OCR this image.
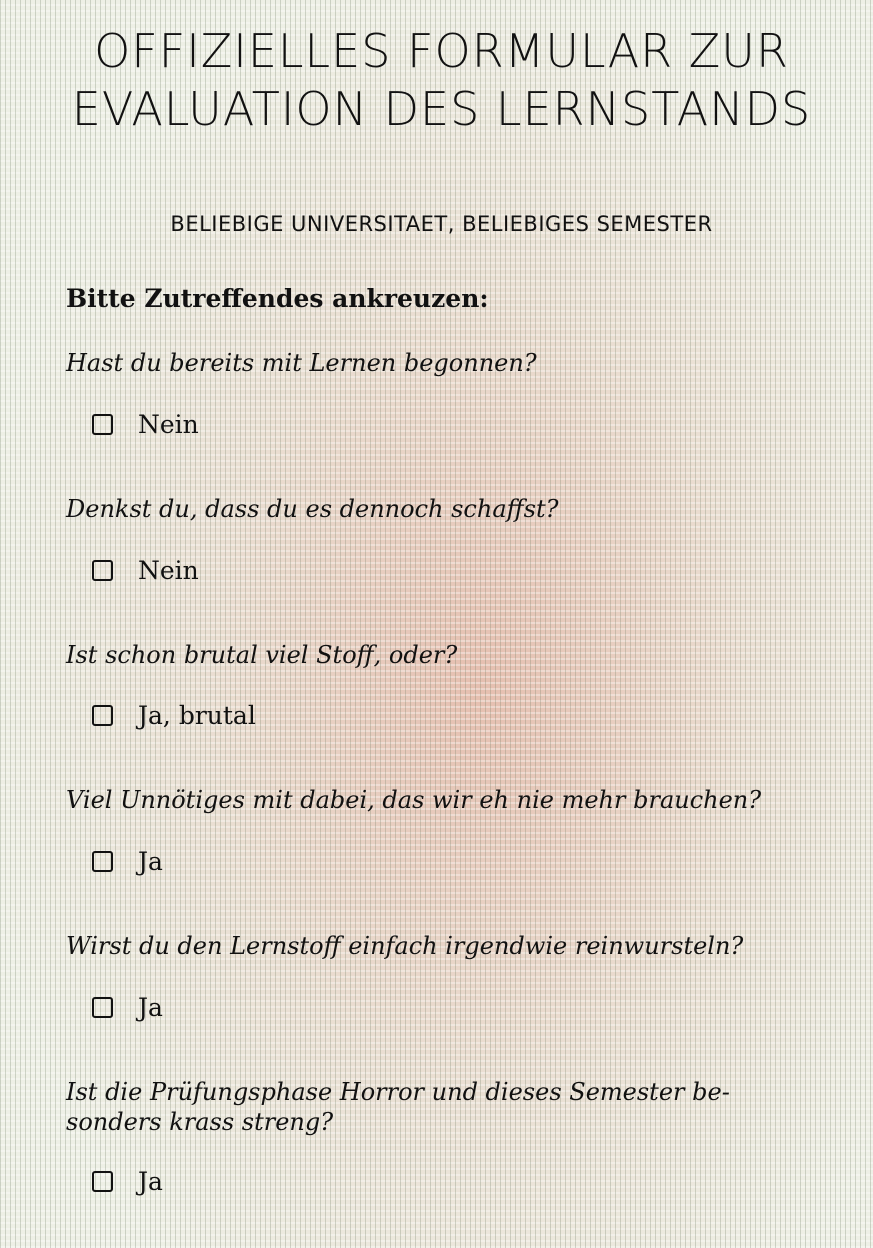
OFFIZIELLES FORMULAR ZUR EVALUATION DES LERNSTANDS
BELIEBIGE UNIVERSITAET, BELIEBIGES SEMESTER
Bitte Zutreffendes ankreuzen:
Hast du bereits mit Lernen begonnen?
Nein
Denkst du, dass du es dennoch schaffst?
Nein
Ist schon brutal viel Stoff, oder?
Ja, brutal
Viel Unnötiges mit dabei, das wir eh nie mehr brauchen?
Ja
Wirst du den Lernstoff einfach irgendwie reinwursteln?
Ja
Ist die Prüfungsphase Horror und dieses Semester be- sonders krass streng?
Ja
